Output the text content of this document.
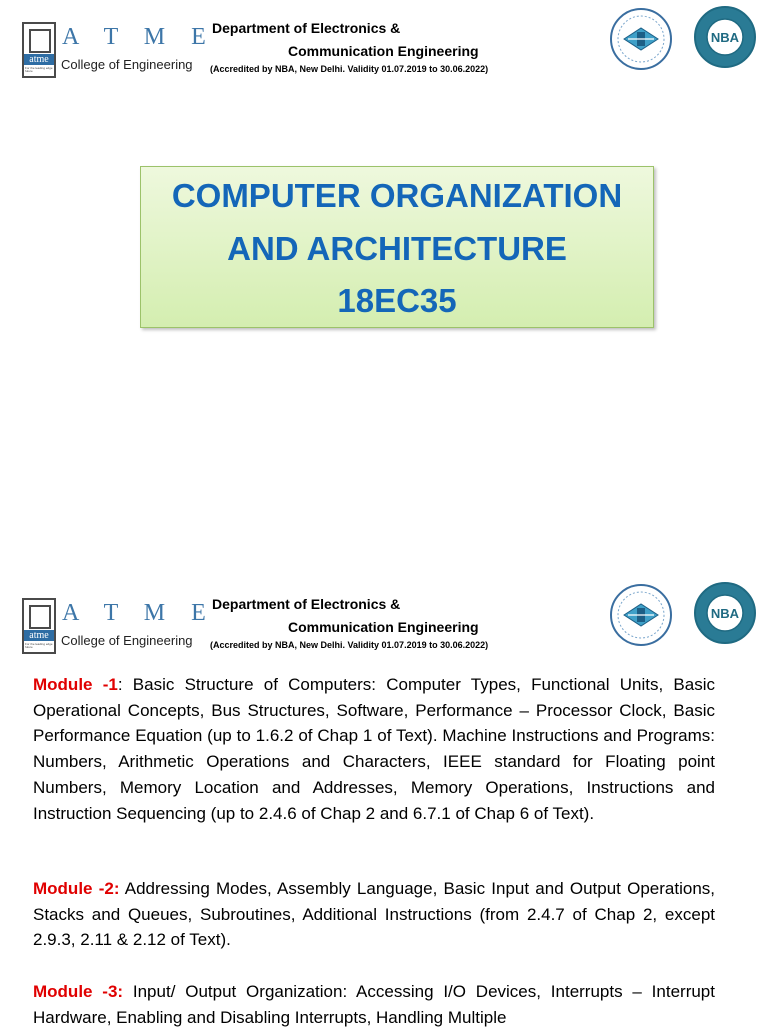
atme
For the leading edge future
A T M E
College of Engineering
Department of Electronics &
Communication Engineering
(Accredited by NBA, New Delhi. Validity 01.07.2019 to 30.06.2022)
NBA
COMPUTER ORGANIZATION
AND ARCHITECTURE
18EC35
atme
For the leading edge future
A T M E
College of Engineering
Department of Electronics &
Communication Engineering
(Accredited by NBA, New Delhi. Validity 01.07.2019 to 30.06.2022)
NBA

Module -1: Basic Structure of Computers: Computer Types, Functional Units, Basic Operational Concepts, Bus Structures, Software, Performance – Processor Clock, Basic Performance Equation (up to 1.6.2 of Chap 1 of Text). Machine Instructions and Programs: Numbers, Arithmetic Operations and Characters, IEEE standard for Floating point Numbers, Memory Location and Addresses, Memory Operations, Instructions and Instruction Sequencing (up to 2.4.6 of Chap 2 and 6.7.1 of Chap 6 of Text).

Module -2: Addressing Modes, Assembly Language, Basic Input and Output Operations, Stacks and Queues, Subroutines, Additional Instructions (from 2.4.7 of Chap 2, except 2.9.3, 2.11 & 2.12 of Text).

Module -3: Input/ Output Organization: Accessing I/O Devices, Interrupts – Interrupt Hardware, Enabling and Disabling Interrupts, Handling Multiple
